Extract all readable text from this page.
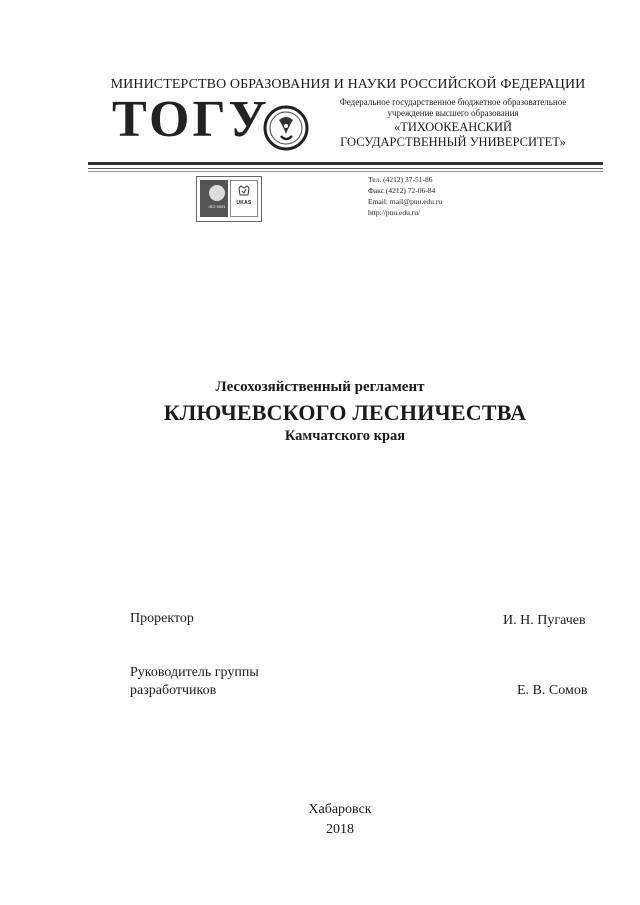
МИНИСТЕРСТВО ОБРАЗОВАНИЯ И НАУКИ РОССИЙСКОЙ ФЕДЕРАЦИИ
ТОГУ	Федеральное государственное бюджетное образовательное
учреждение высшего образования
«ТИХООКЕАНСКИЙ
ГОСУДАРСТВЕННЫЙ УНИВЕРСИТЕТ»
ISO 9001
UKAS
Тел. (4212) 37-51-86
Факс (4212) 72-06-84
Email: mail@pnu.edu.ru
http://pnu.edu.ru/
Лесохозяйственный регламент
КЛЮЧЕВСКОГО ЛЕСНИЧЕСТВА
Камчатского края
Проректор	И. Н. Пугачев
Руководитель группы
разработчиков	Е. В. Сомов
Хабаровск
2018
